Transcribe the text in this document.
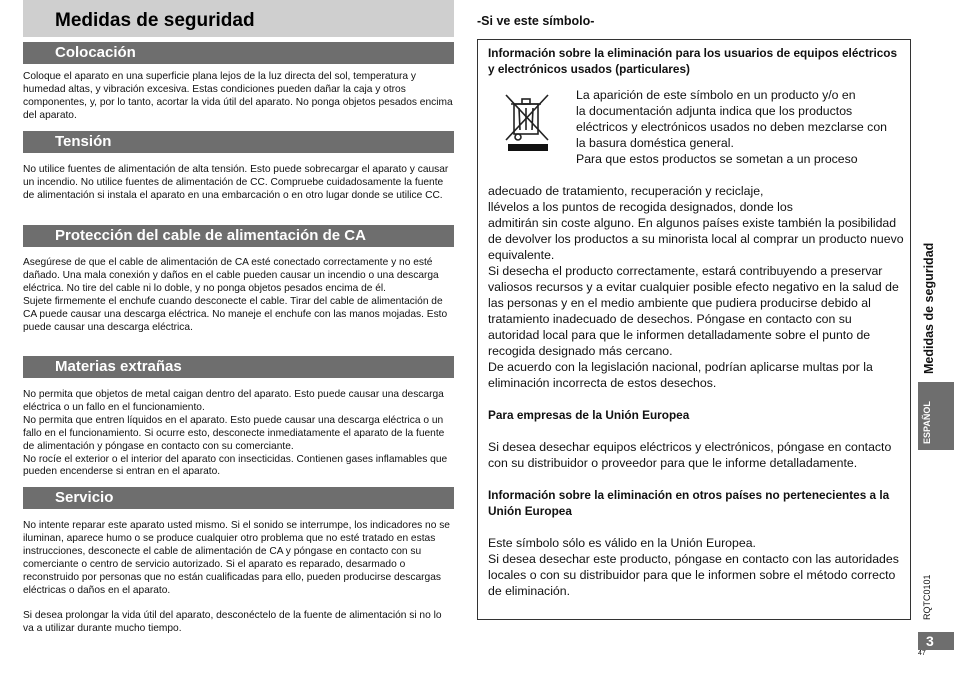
Medidas de seguridad
Colocación

Coloque el aparato en una superficie plana lejos de la luz directa del sol, temperatura y humedad altas, y vibración excesiva. Estas condiciones pueden dañar la caja y otros componentes, y, por lo tanto, acortar la vida útil del aparato. No ponga objetos pesados encima del aparato.

Tensión

No utilice fuentes de alimentación de alta tensión. Esto puede sobrecargar el aparato y causar un incendio. No utilice fuentes de alimentación de CC. Compruebe cuidadosamente la fuente de alimentación si instala el aparato en una embarcación o en otro lugar donde se utilice CC.

Protección del cable de alimentación de CA

Asegúrese de que el cable de alimentación de CA esté conectado correctamente y no esté dañado. Una mala conexión y daños en el cable pueden causar un incendio o una descarga eléctrica. No tire del cable ni lo doble, y no ponga objetos pesados encima de él.

Sujete firmemente el enchufe cuando desconecte el cable. Tirar del cable de alimentación de CA puede causar una descarga eléctrica. No maneje el enchufe con las manos mojadas. Esto puede causar una descarga eléctrica.

Materias extrañas

No permita que objetos de metal caigan dentro del aparato. Esto puede causar una descarga eléctrica o un fallo en el funcionamiento.

No permita que entren líquidos en el aparato. Esto puede causar una descarga eléctrica o un fallo en el funcionamiento. Si ocurre esto, desconecte inmediatamente el aparato de la fuente de alimentación y póngase en contacto con su comerciante.

No rocíe el exterior o el interior del aparato con insecticidas. Contienen gases inflamables que pueden encenderse si entran en el aparato.

Servicio

No intente reparar este aparato usted mismo. Si el sonido se interrumpe, los indicadores no se iluminan, aparece humo o se produce cualquier otro problema que no esté tratado en estas instrucciones, desconecte el cable de alimentación de CA y póngase en contacto con su comerciante o centro de servicio autorizado. Si el aparato es reparado, desarmado o reconstruido por personas que no están cualificadas para ello, pueden producirse descargas eléctricas o daños en el aparato.

Si desea prolongar la vida útil del aparato, desconéctelo de la fuente de alimentación si no lo va a utilizar durante mucho tiempo.

-Si ve este símbolo-

Información sobre la eliminación para los usuarios de equipos eléctricos y electrónicos usados (particulares)

La aparición de este símbolo en un producto y/o en

la documentación adjunta indica que los productos

eléctricos y electrónicos usados no deben mezclarse con

la basura doméstica general.

Para que estos productos se sometan a un proceso

adecuado de tratamiento, recuperación y reciclaje,

llévelos a los puntos de recogida designados, donde los

admitirán sin coste alguno. En algunos países existe también la posibilidad de devolver los productos a su minorista local al comprar un producto nuevo equivalente.

Si desecha el producto correctamente, estará contribuyendo a preservar valiosos recursos y a evitar cualquier posible efecto negativo en la salud de las personas y en el medio ambiente que pudiera producirse debido al tratamiento inadecuado de desechos. Póngase en contacto con su autoridad local para que le informen detalladamente sobre el punto de recogida designado más cercano.

De acuerdo con la legislación nacional, podrían aplicarse multas por la eliminación incorrecta de estos desechos.

Para empresas de la Unión Europea

Si desea desechar equipos eléctricos y electrónicos, póngase en contacto con su distribuidor o proveedor para que le informe detalladamente.

Información sobre la eliminación en otros países no pertenecientes a la Unión Europea

Este símbolo sólo es válido en la Unión Europea.

Si desea desechar este producto, póngase en contacto con las autoridades locales o con su distribuidor para que le informen sobre el método correcto de eliminación.

Medidas de seguridad
ESPAÑOL
RQTC0101
3
47
